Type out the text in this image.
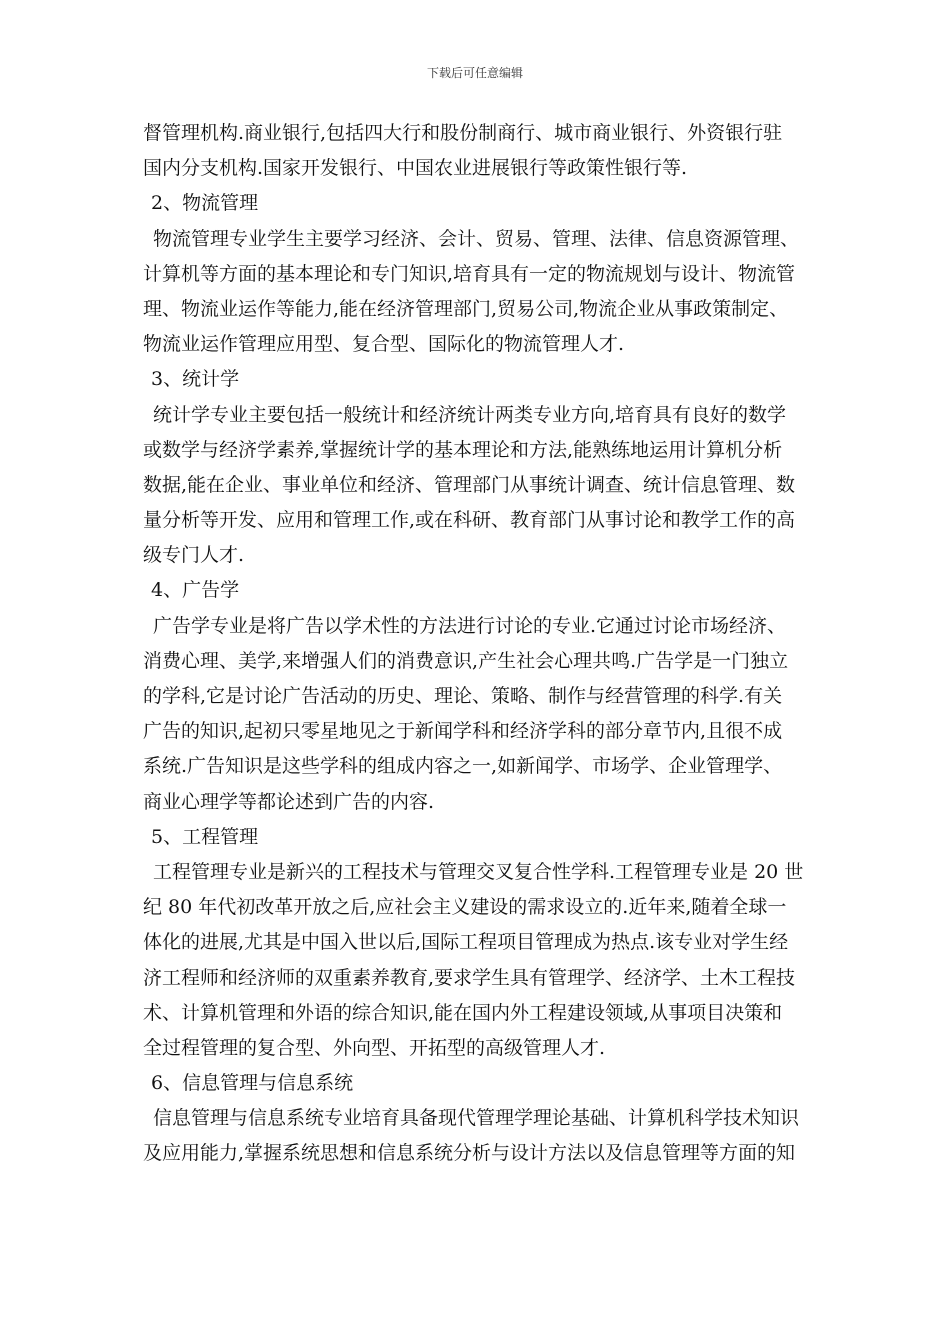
下载后可任意编辑
督管理机构.商业银行,包括四大行和股份制商行、城市商业银行、外资银行驻
国内分支机构.国家开发银行、中国农业进展银行等政策性银行等.
2、物流管理
物流管理专业学生主要学习经济、会计、贸易、管理、法律、信息资源管理、
计算机等方面的基本理论和专门知识,培育具有一定的物流规划与设计、物流管
理、物流业运作等能力,能在经济管理部门,贸易公司,物流企业从事政策制定、
物流业运作管理应用型、复合型、国际化的物流管理人才.
3、统计学
统计学专业主要包括一般统计和经济统计两类专业方向,培育具有良好的数学
或数学与经济学素养,掌握统计学的基本理论和方法,能熟练地运用计算机分析
数据,能在企业、事业单位和经济、管理部门从事统计调查、统计信息管理、数
量分析等开发、应用和管理工作,或在科研、教育部门从事讨论和教学工作的高
级专门人才.
4、广告学
广告学专业是将广告以学术性的方法进行讨论的专业.它通过讨论市场经济、
消费心理、美学,来增强人们的消费意识,产生社会心理共鸣.广告学是一门独立
的学科,它是讨论广告活动的历史、理论、策略、制作与经营管理的科学.有关
广告的知识,起初只零星地见之于新闻学科和经济学科的部分章节内,且很不成
系统.广告知识是这些学科的组成内容之一,如新闻学、市场学、企业管理学、
商业心理学等都论述到广告的内容.
5、工程管理
工程管理专业是新兴的工程技术与管理交叉复合性学科.工程管理专业是 20 世
纪 80 年代初改革开放之后,应社会主义建设的需求设立的.近年来,随着全球一
体化的进展,尤其是中国入世以后,国际工程项目管理成为热点.该专业对学生经
济工程师和经济师的双重素养教育,要求学生具有管理学、经济学、土木工程技
术、计算机管理和外语的综合知识,能在国内外工程建设领域,从事项目决策和
全过程管理的复合型、外向型、开拓型的高级管理人才.
6、信息管理与信息系统
信息管理与信息系统专业培育具备现代管理学理论基础、计算机科学技术知识
及应用能力,掌握系统思想和信息系统分析与设计方法以及信息管理等方面的知
